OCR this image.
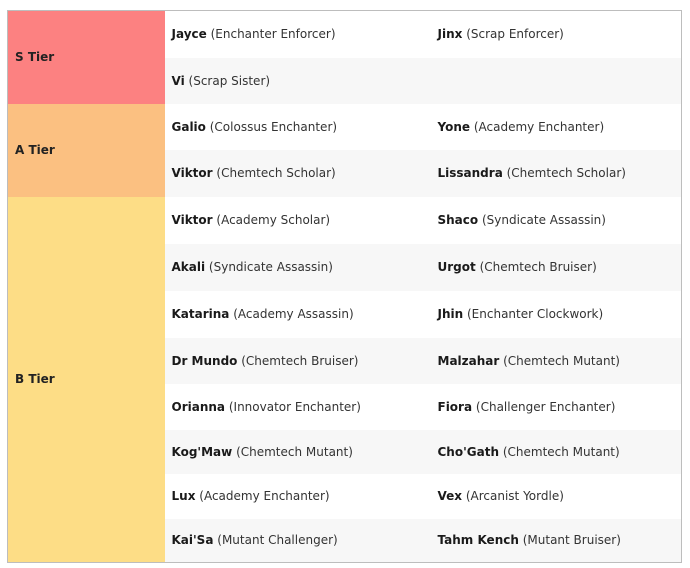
S Tier	Jayce (Enchanter Enforcer)	Jinx (Scrap Enforcer)
	Vi (Scrap Sister)	
A Tier	Galio (Colossus Enchanter)	Yone (Academy Enchanter)
	Viktor (Chemtech Scholar)	Lissandra (Chemtech Scholar)
B Tier	Viktor (Academy Scholar)	Shaco (Syndicate Assassin)
	Akali (Syndicate Assassin)	Urgot (Chemtech Bruiser)
	Katarina (Academy Assassin)	Jhin (Enchanter Clockwork)
	Dr Mundo (Chemtech Bruiser)	Malzahar (Chemtech Mutant)
	Orianna (Innovator Enchanter)	Fiora (Challenger Enchanter)
	Kog'Maw (Chemtech Mutant)	Cho'Gath (Chemtech Mutant)
	Lux (Academy Enchanter)	Vex (Arcanist Yordle)
	Kai'Sa (Mutant Challenger)	Tahm Kench (Mutant Bruiser)
